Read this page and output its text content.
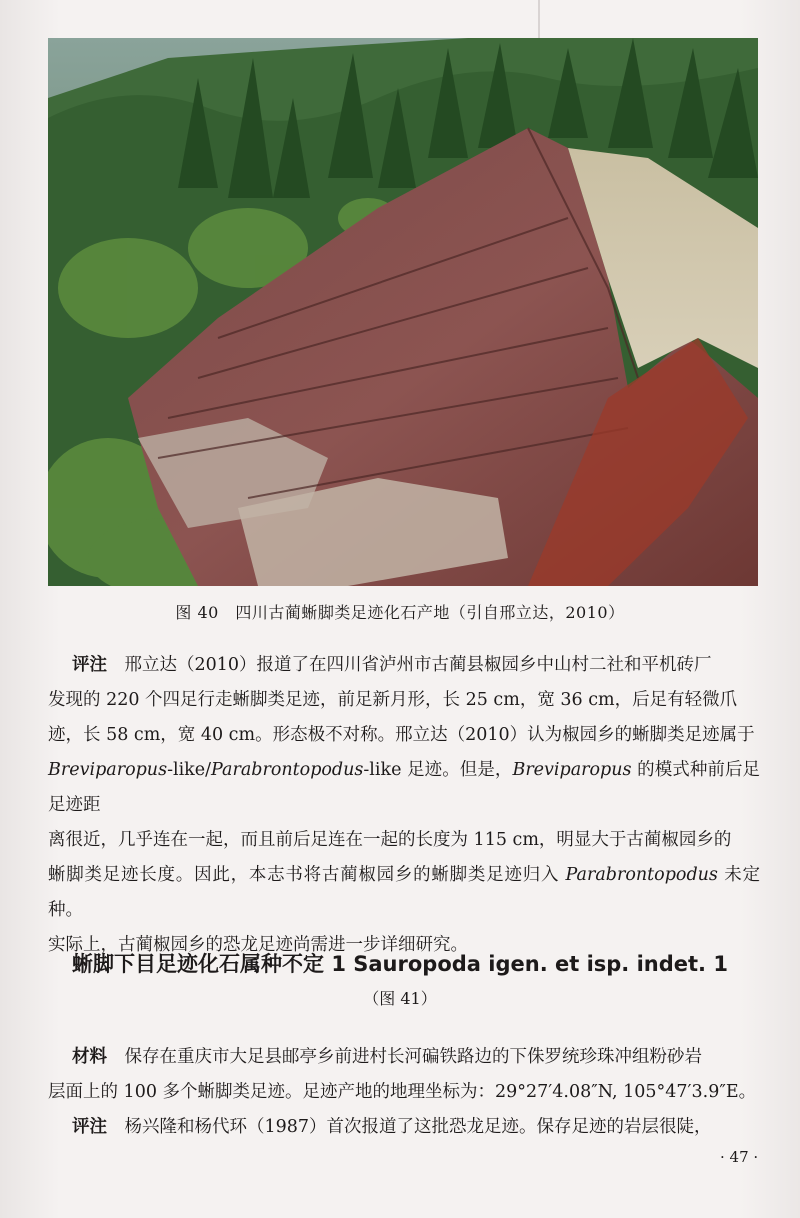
图 40　四川古蔺蜥脚类足迹化石产地（引自邢立达，2010）

评注　 邢立达（2010）报道了在四川省泸州市古蔺县椒园乡中山村二社和平机砖厂

发现的 220 个四足行走蜥脚类足迹，前足新月形，长 25 cm，宽 36 cm，后足有轻微爪

迹，长 58 cm，宽 40 cm。形态极不对称。邢立达（2010）认为椒园乡的蜥脚类足迹属于

Breviparopus-like/Parabrontopodus-like 足迹。但是，Breviparopus 的模式种前后足足迹距

离很近，几乎连在一起，而且前后足连在一起的长度为 115 cm，明显大于古蔺椒园乡的

蜥脚类足迹长度。因此，本志书将古蔺椒园乡的蜥脚类足迹归入 Parabrontopodus 未定种。

实际上，古蔺椒园乡的恐龙足迹尚需进一步详细研究。

蜥脚下目足迹化石属种不定 1 Sauropoda igen. et isp. indet. 1
（图 41）

材料　 保存在重庆市大足县邮亭乡前进村长河碥铁路边的下侏罗统珍珠冲组粉砂岩

层面上的 100 多个蜥脚类足迹。足迹产地的地理坐标为：29°27′4.08″N, 105°47′3.9″E。

评注　 杨兴隆和杨代环（1987）首次报道了这批恐龙足迹。保存足迹的岩层很陡，

· 47 ·
